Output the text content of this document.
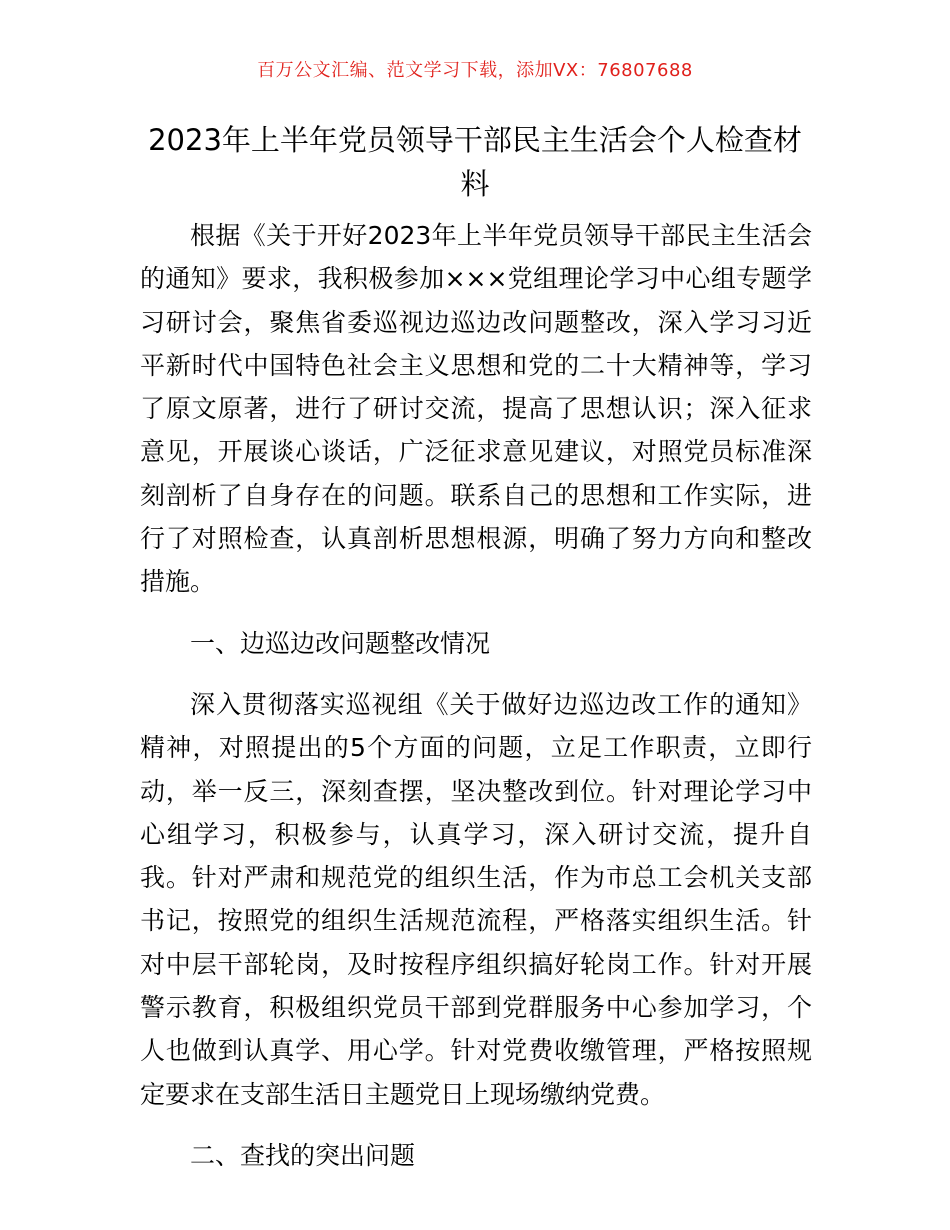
百万公文汇编、范文学习下载，添加VX：76807688
2023年上半年党员领导干部民主生活会个人检查材料

根据《关于开好2023年上半年党员领导干部民主生活会的通知》要求，我积极参加×××党组理论学习中心组专题学习研讨会，聚焦省委巡视边巡边改问题整改，深入学习习近平新时代中国特色社会主义思想和党的二十大精神等，学习了原文原著，进行了研讨交流，提高了思想认识；深入征求意见，开展谈心谈话，广泛征求意见建议，对照党员标准深刻剖析了自身存在的问题。联系自己的思想和工作实际，进行了对照检查，认真剖析思想根源，明确了努力方向和整改措施。

一、边巡边改问题整改情况

深入贯彻落实巡视组《关于做好边巡边改工作的通知》精神，对照提出的5个方面的问题，立足工作职责，立即行动，举一反三，深刻查摆，坚决整改到位。针对理论学习中心组学习，积极参与，认真学习，深入研讨交流，提升自我。针对严肃和规范党的组织生活，作为市总工会机关支部书记，按照党的组织生活规范流程，严格落实组织生活。针对中层干部轮岗，及时按程序组织搞好轮岗工作。针对开展警示教育，积极组织党员干部到党群服务中心参加学习，个人也做到认真学、用心学。针对党费收缴管理，严格按照规定要求在支部生活日主题党日上现场缴纳党费。

二、查找的突出问题
